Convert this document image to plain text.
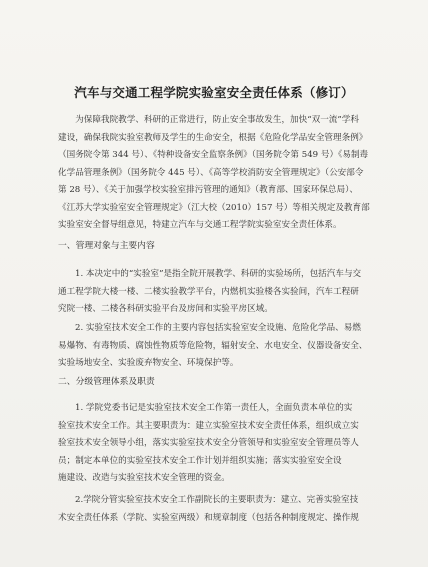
汽车与交通工程学院实验室安全责任体系（修订）
为保障我院教学、科研的正常进行，防止安全事故发生，加快“双一流”学科
建设，确保我院实验室教师及学生的生命安全，根据《危险化学品安全管理条例》
（国务院令第 344 号）、《特种设备安全监察条例》（国务院令第 549 号）《易制毒
化学品管理条例》（国务院令 445 号）、《高等学校消防安全管理规定》（公安部令
第 28 号）、《关于加强学校实验室排污管理的通知》（教育部、国家环保总局）、
《江苏大学实验室安全管理规定》（江大校（2010）157 号）等相关规定及教育部
实验室安全督导组意见，特建立汽车与交通工程学院实验室安全责任体系。
一、管理对象与主要内容
1. 本决定中的“实验室”是指全院开展教学、科研的实验场所，包括汽车与交
通工程学院大楼一楼、二楼实验教学平台，内燃机实验楼各实验间，汽车工程研
究院一楼、二楼各科研实验平台及房间和实验平房区域。
2. 实验室技术安全工作的主要内容包括实验室安全设施、危险化学品、易燃
易爆物、有毒物质、腐蚀性物质等危险物，辐射安全、水电安全、仪器设备安全、
实验场地安全、实验废弃物安全、环境保护等。
二、分级管理体系及职责
1. 学院党委书记是实验室技术安全工作第一责任人，全面负责本单位的实
验室技术安全工作。其主要职责为：建立实验室技术安全责任体系，组织成立实
验室技术安全领导小组，落实实验室技术安全分管领导和实验室安全管理员等人
员；制定本单位的实验室技术安全工作计划并组织实施；落实实验室安全设
施建设、改造与实验室技术安全管理的资金。
2.学院分管实验室技术安全工作副院长的主要职责为：建立、完善实验室技
术安全责任体系（学院、实验室两级）和规章制度（包括各种制度规定、操作规
